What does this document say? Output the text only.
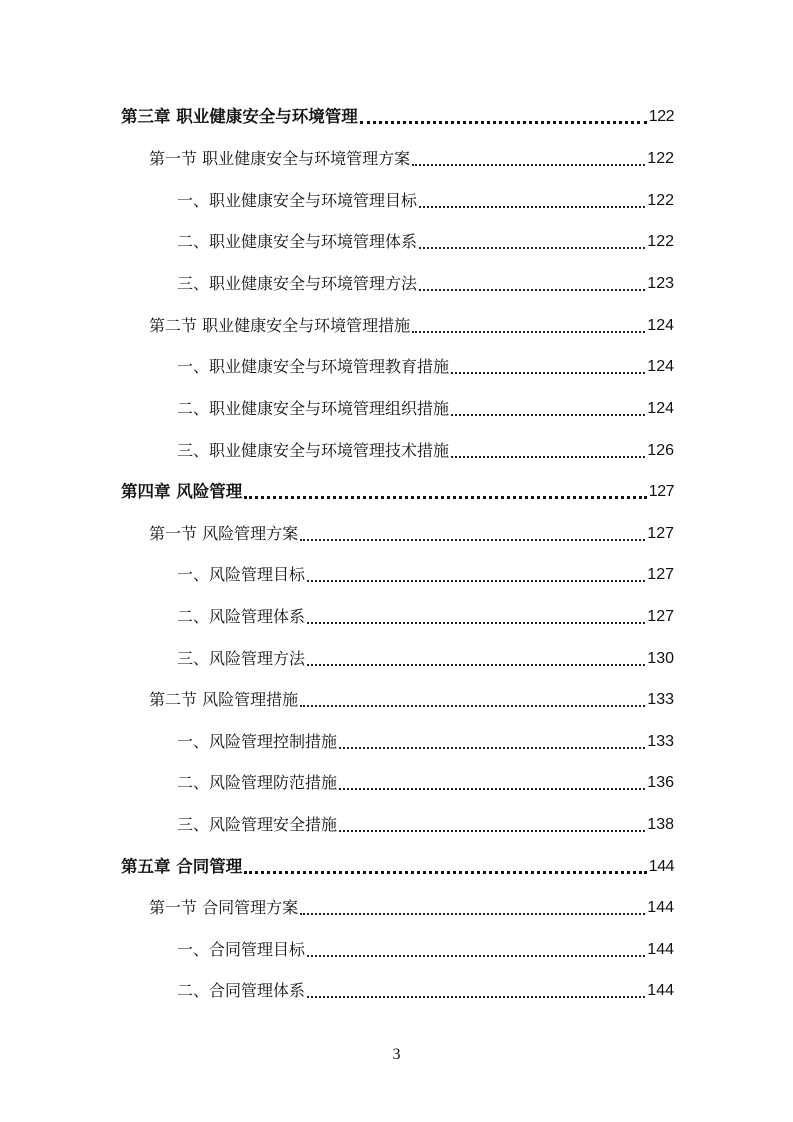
第三章 职业健康安全与环境管理	122
第一节 职业健康安全与环境管理方案	122
一、职业健康安全与环境管理目标	122
二、职业健康安全与环境管理体系	122
三、职业健康安全与环境管理方法	123
第二节 职业健康安全与环境管理措施	124
一、职业健康安全与环境管理教育措施	124
二、职业健康安全与环境管理组织措施	124
三、职业健康安全与环境管理技术措施	126
第四章 风险管理	127
第一节 风险管理方案	127
一、风险管理目标	127
二、风险管理体系	127
三、风险管理方法	130
第二节 风险管理措施	133
一、风险管理控制措施	133
二、风险管理防范措施	136
三、风险管理安全措施	138
第五章 合同管理	144
第一节 合同管理方案	144
一、合同管理目标	144
二、合同管理体系	144
3
